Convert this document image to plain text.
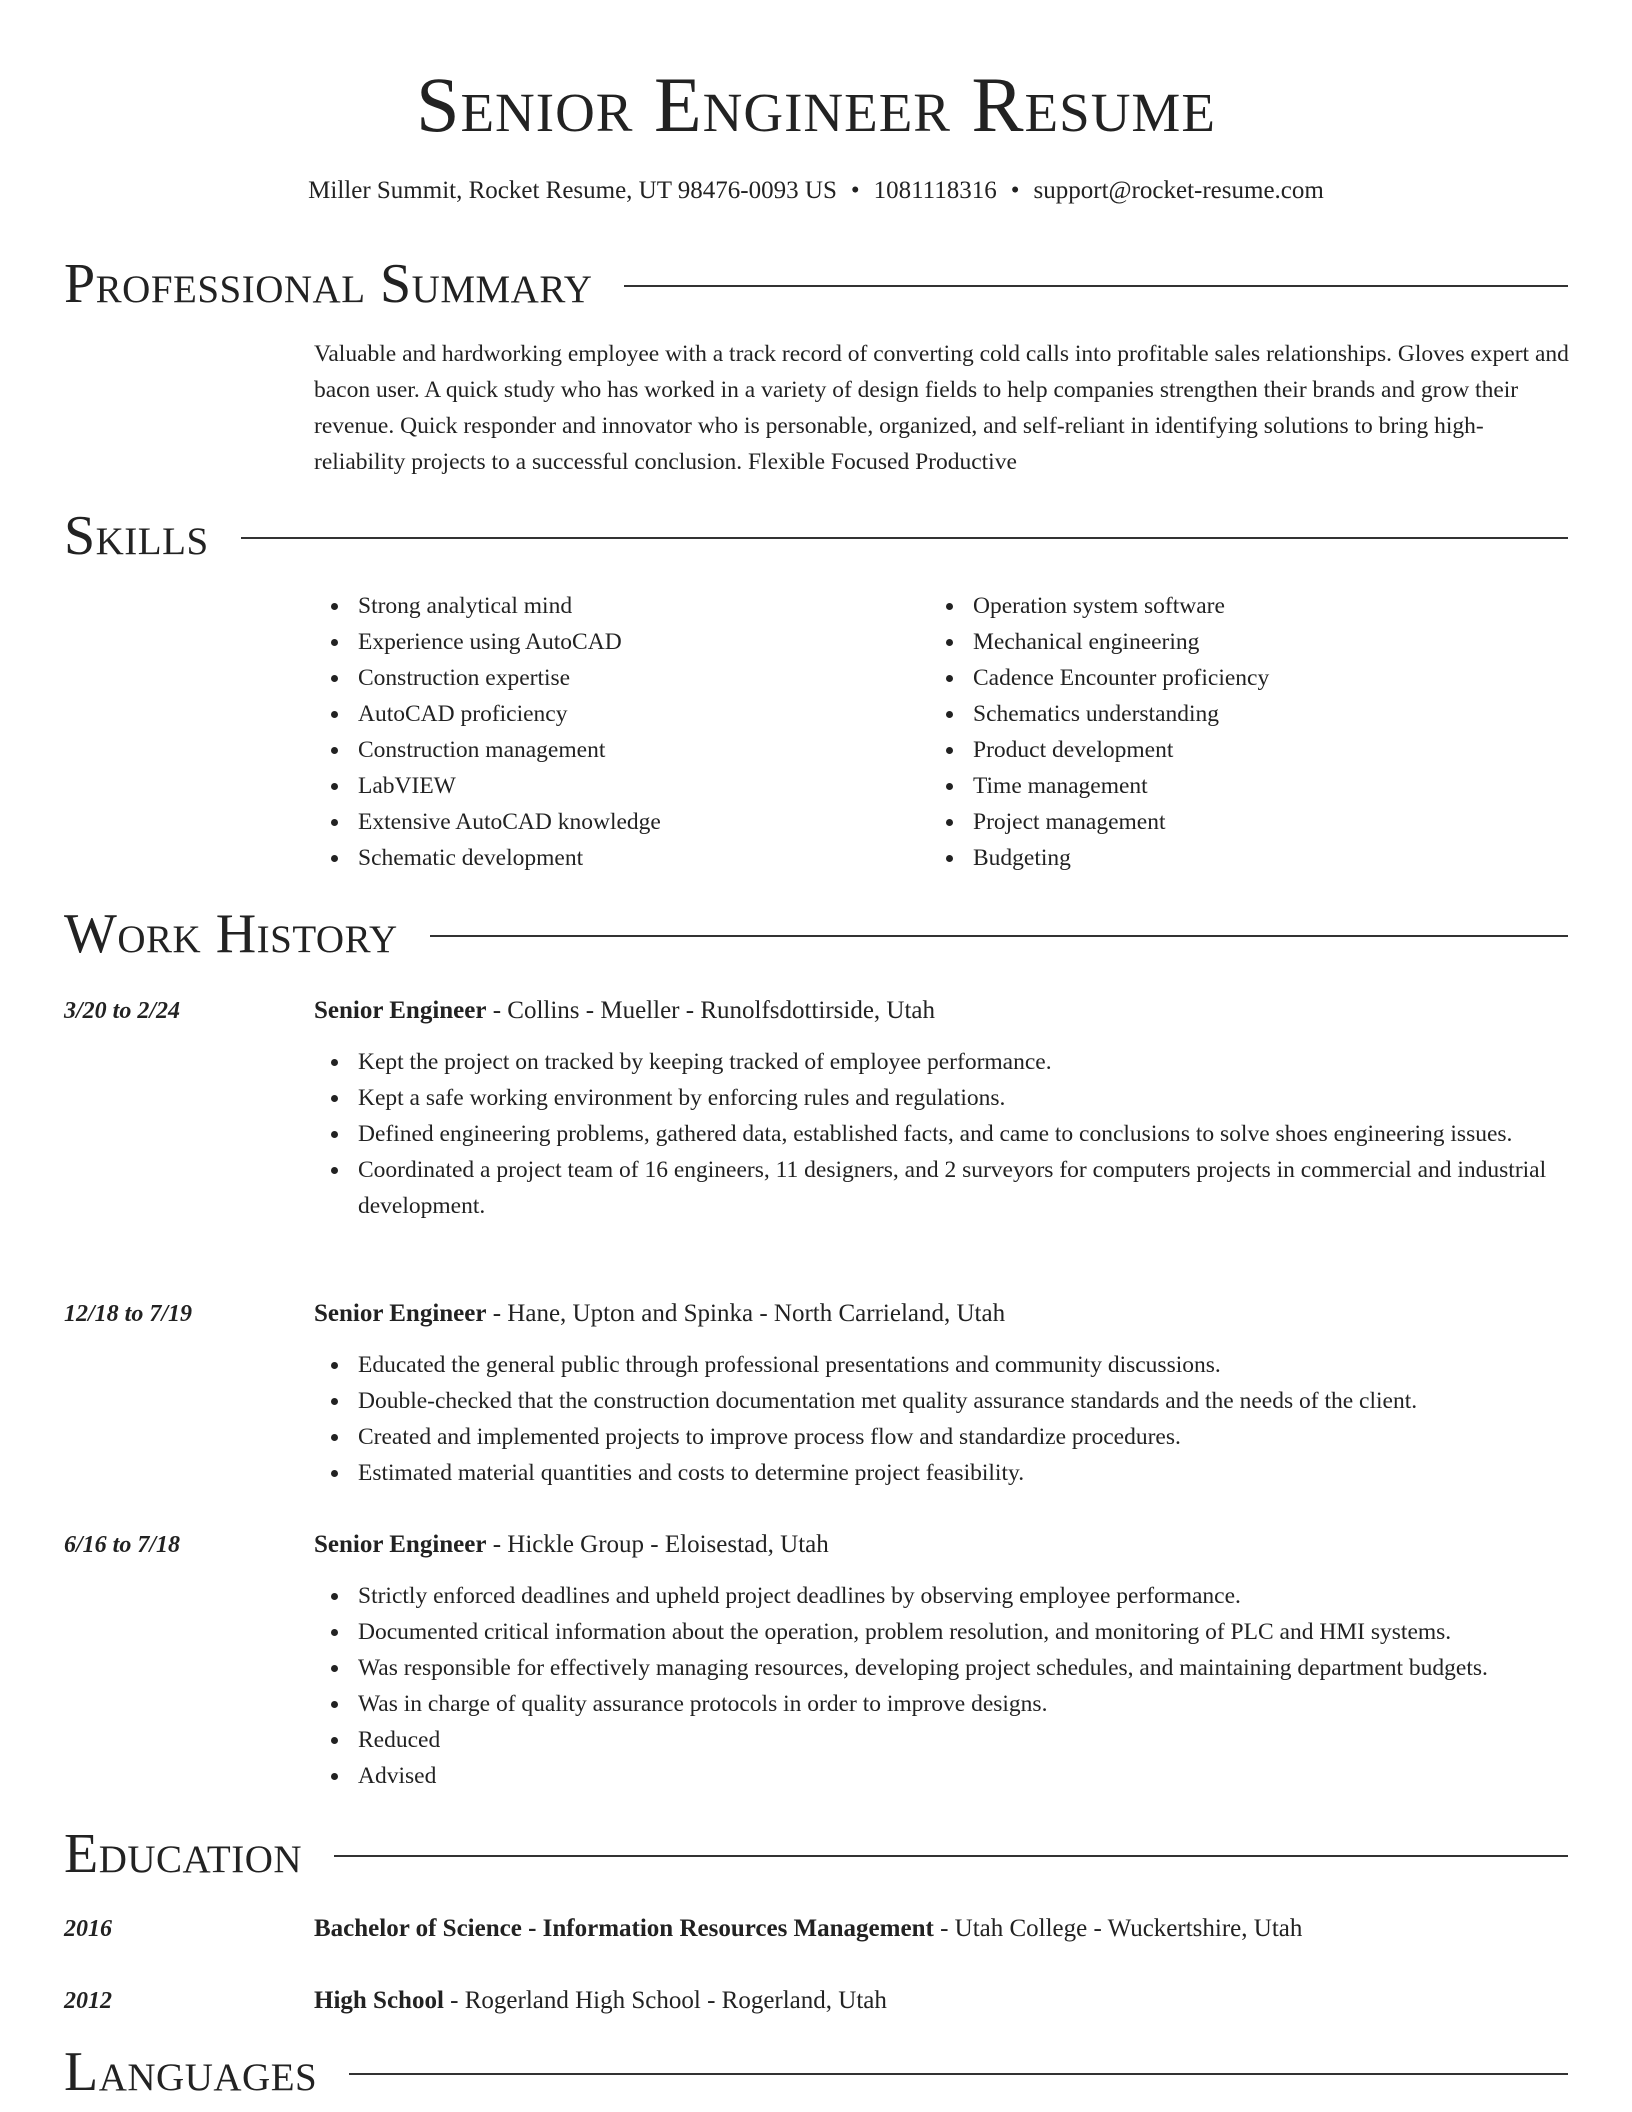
Senior Engineer Resume
Miller Summit, Rocket Resume, UT 98476-0093 US • 1081118316 • support@rocket-resume.com
Professional Summary

Valuable and hardworking employee with a track record of converting cold calls into profitable sales relationships. Gloves expert and bacon user. A quick study who has worked in a variety of design fields to help companies strengthen their brands and grow their revenue. Quick responder and innovator who is personable, organized, and self-reliant in identifying solutions to bring high-reliability projects to a successful conclusion. Flexible Focused Productive

Skills
Strong analytical mind
Experience using AutoCAD
Construction expertise
AutoCAD proficiency
Construction management
LabVIEW
Extensive AutoCAD knowledge
Schematic development
Operation system software
Mechanical engineering
Cadence Encounter proficiency
Schematics understanding
Product development
Time management
Project management
Budgeting
Work History
3/20 to 2/24	Senior Engineer - Collins - Mueller - Runolfsdottirside, Utah
Kept the project on tracked by keeping tracked of employee performance.
Kept a safe working environment by enforcing rules and regulations.
Defined engineering problems, gathered data, established facts, and came to conclusions to solve shoes engineering issues.
Coordinated a project team of 16 engineers, 11 designers, and 2 surveyors for computers projects in commercial and industrial development.
12/18 to 7/19	Senior Engineer - Hane, Upton and Spinka - North Carrieland, Utah
Educated the general public through professional presentations and community discussions.
Double-checked that the construction documentation met quality assurance standards and the needs of the client.
Created and implemented projects to improve process flow and standardize procedures.
Estimated material quantities and costs to determine project feasibility.
6/16 to 7/18	Senior Engineer - Hickle Group - Eloisestad, Utah
Strictly enforced deadlines and upheld project deadlines by observing employee performance.
Documented critical information about the operation, problem resolution, and monitoring of PLC and HMI systems.
Was responsible for effectively managing resources, developing project schedules, and maintaining department budgets.
Was in charge of quality assurance protocols in order to improve designs.
Reduced
Advised
Education
2016	Bachelor of Science - Information Resources Management - Utah College - Wuckertshire, Utah
2012	High School - Rogerland High School - Rogerland, Utah
Languages
